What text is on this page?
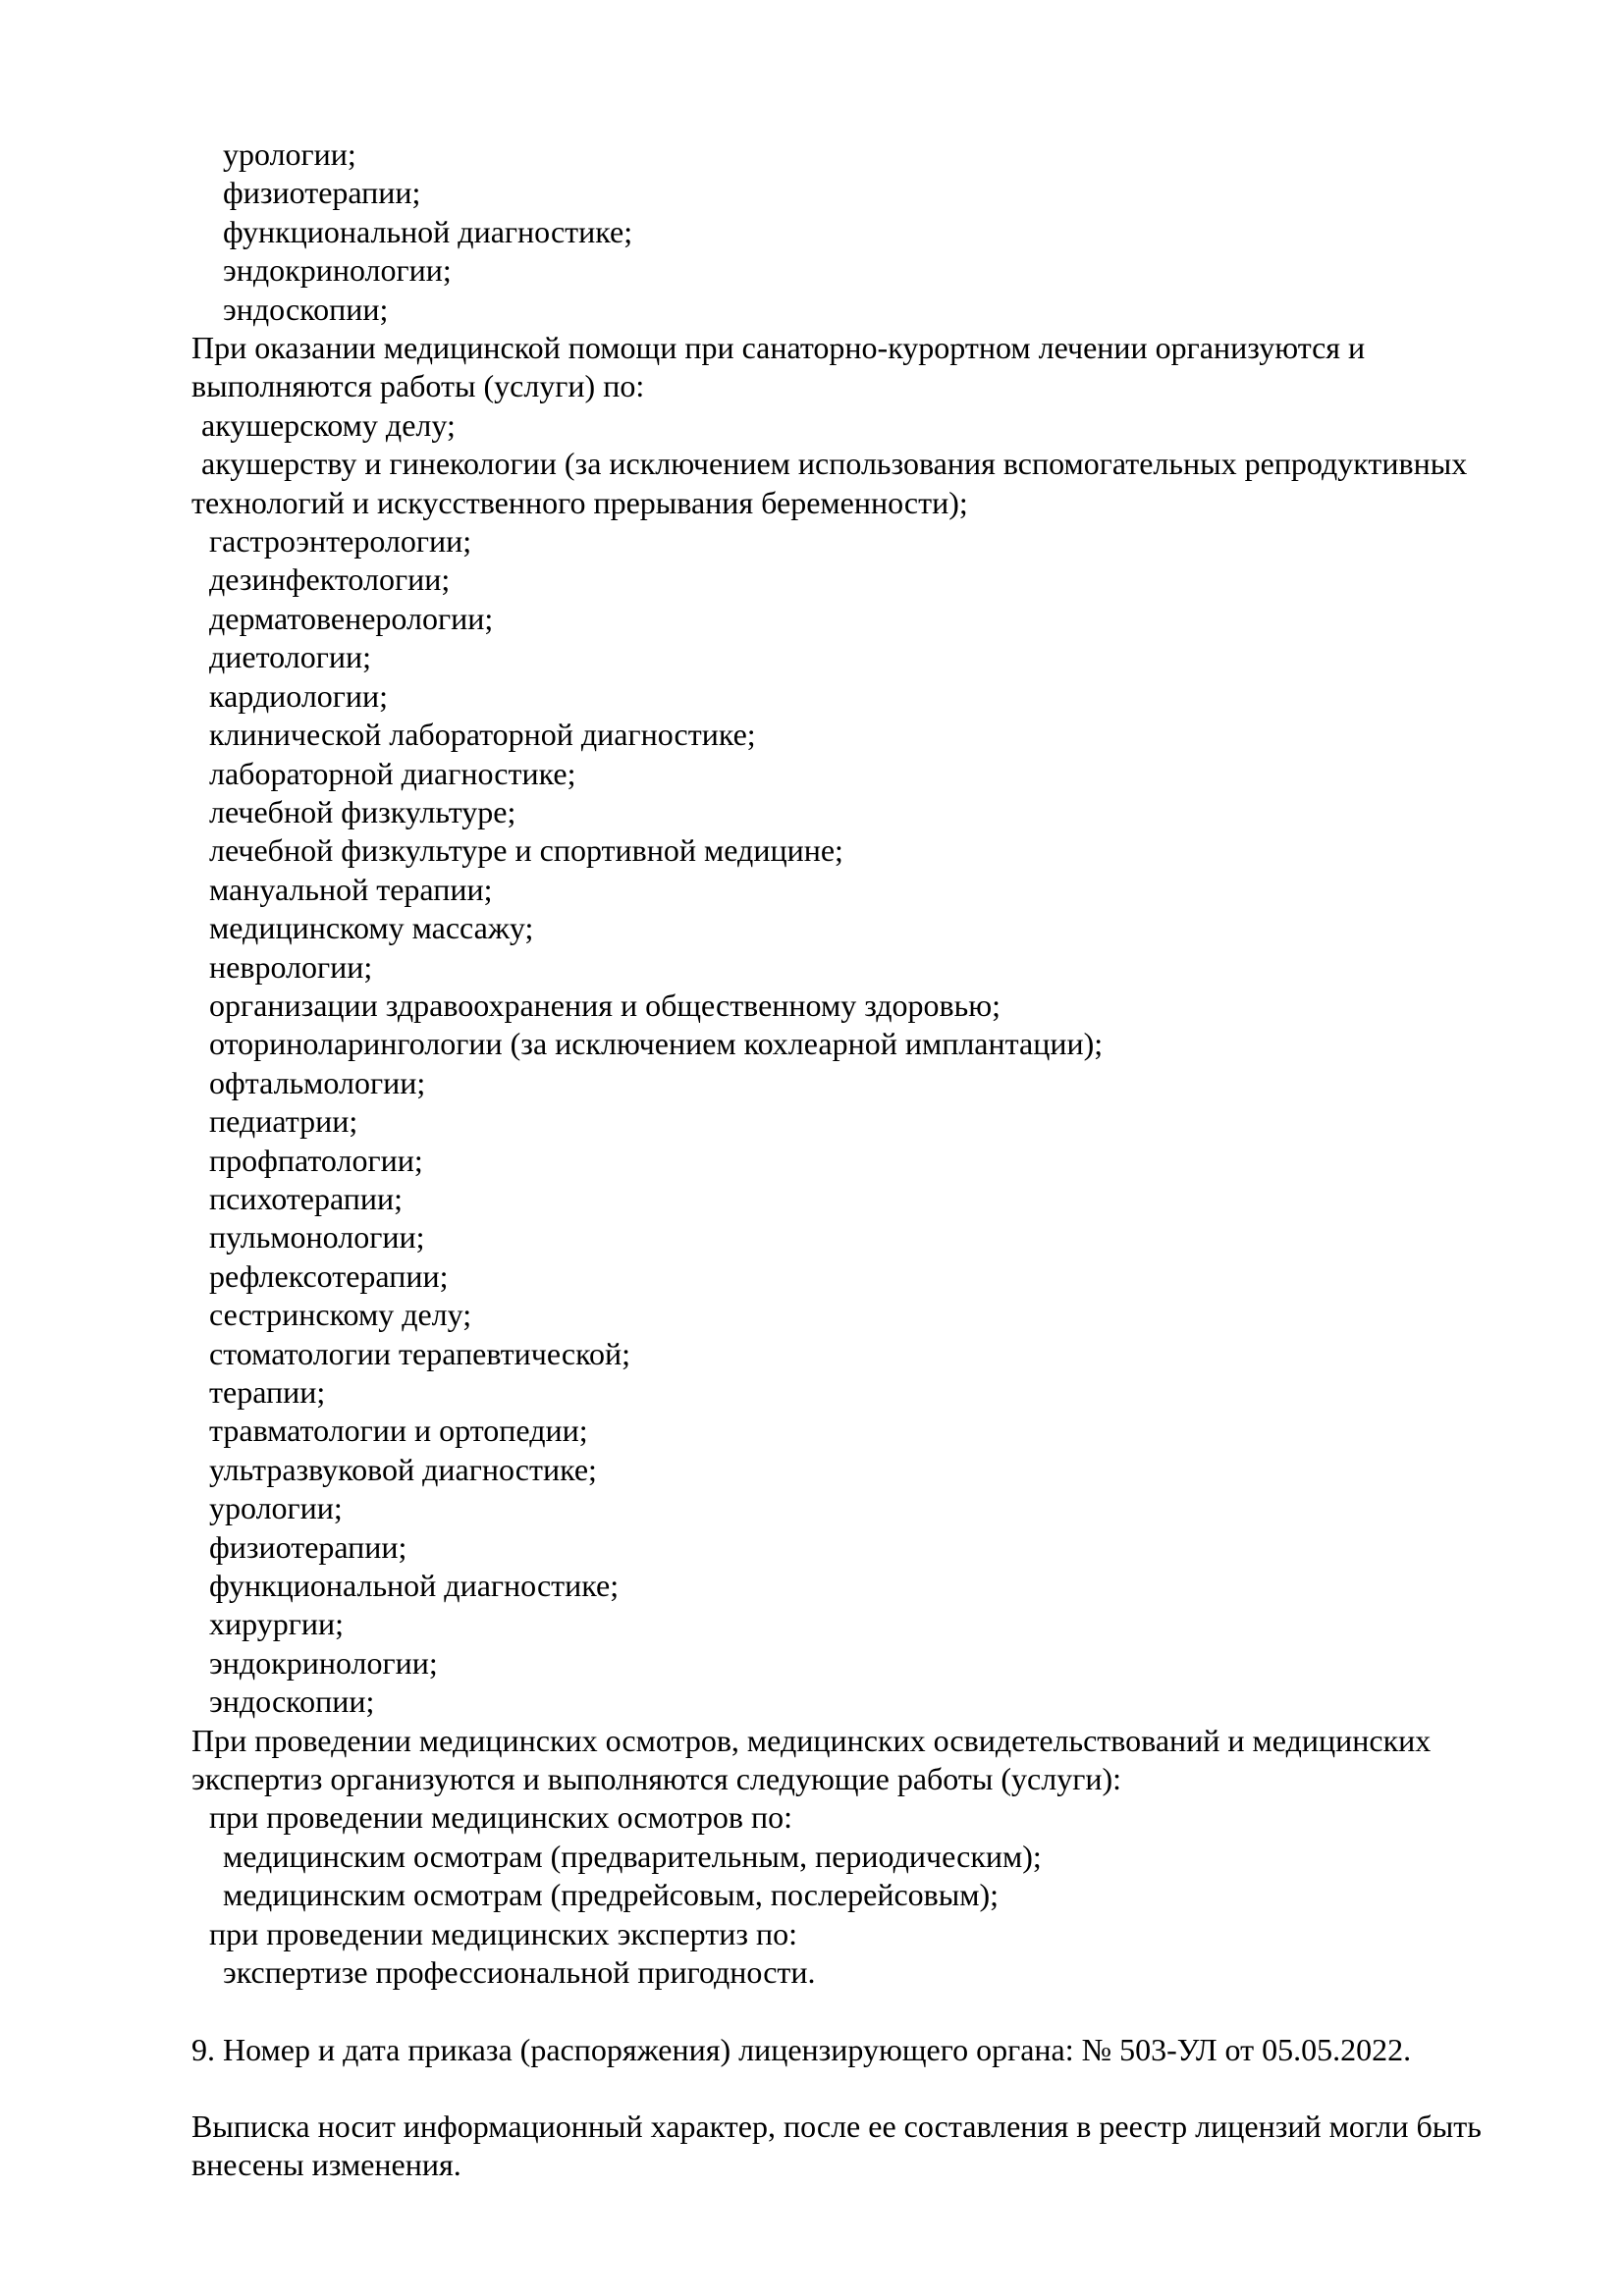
урологии;
физиотерапии;
функциональной диагностике;
эндокринологии;
эндоскопии;
При оказании медицинской помощи при санаторно-курортном лечении организуются и выполняются работы (услуги) по:
акушерскому делу;
акушерству и гинекологии (за исключением использования вспомогательных репродуктивных технологий и искусственного прерывания беременности);
гастроэнтерологии;
дезинфектологии;
дерматовенерологии;
диетологии;
кардиологии;
клинической лабораторной диагностике;
лабораторной диагностике;
лечебной физкультуре;
лечебной физкультуре и спортивной медицине;
мануальной терапии;
медицинскому массажу;
неврологии;
организации здравоохранения и общественному здоровью;
оториноларингологии (за исключением кохлеарной имплантации);
офтальмологии;
педиатрии;
профпатологии;
психотерапии;
пульмонологии;
рефлексотерапии;
сестринскому делу;
стоматологии терапевтической;
терапии;
травматологии и ортопедии;
ультразвуковой диагностике;
урологии;
физиотерапии;
функциональной диагностике;
хирургии;
эндокринологии;
эндоскопии;
При проведении медицинских осмотров, медицинских освидетельствований и медицинских экспертиз организуются и выполняются следующие работы (услуги):
при проведении медицинских осмотров по:
медицинским осмотрам (предварительным, периодическим);
медицинским осмотрам (предрейсовым, послерейсовым);
при проведении медицинских экспертиз по:
экспертизе профессиональной пригодности.
9. Номер и дата приказа (распоряжения) лицензирующего органа: № 503-УЛ от 05.05.2022.
Выписка носит информационный характер, после ее составления в реестр лицензий могли быть внесены изменения.
